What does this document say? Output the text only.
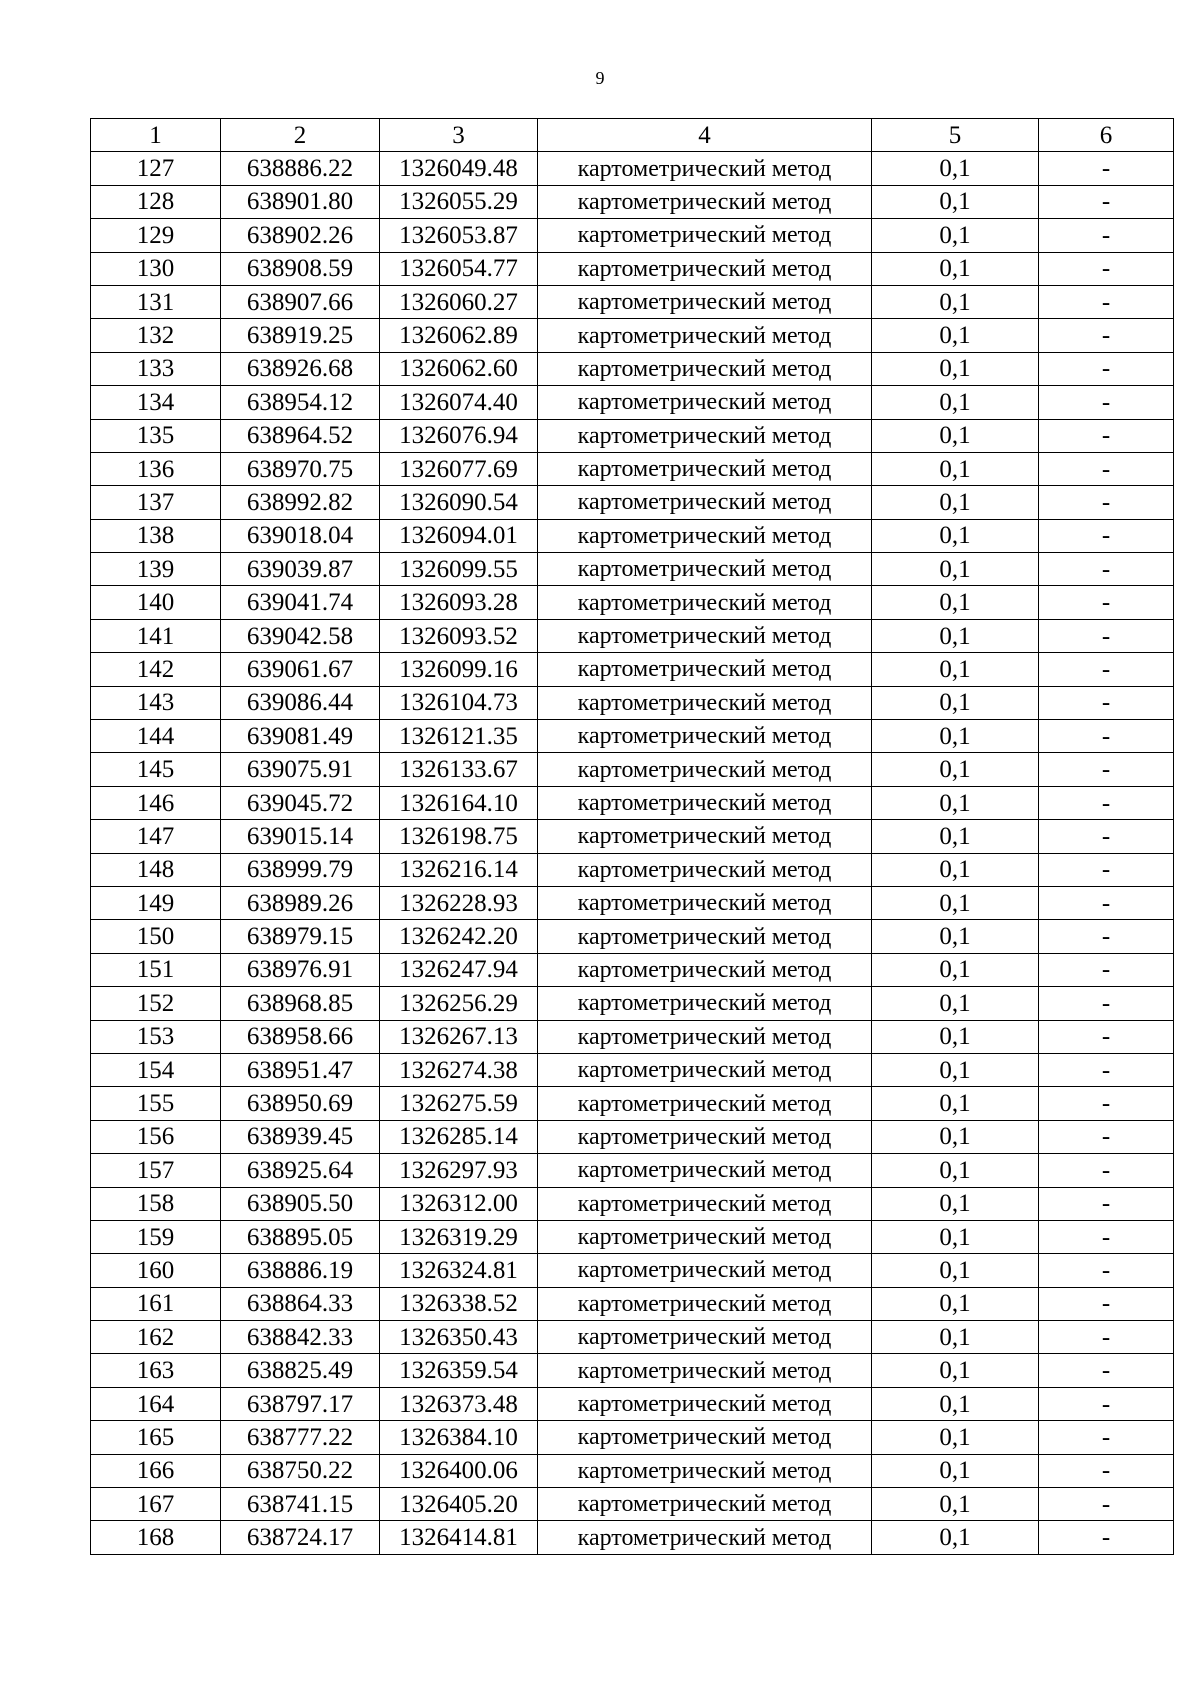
9
1	2	3	4	5	6
127	638886.22	1326049.48	картометрический метод	0,1	-
128	638901.80	1326055.29	картометрический метод	0,1	-
129	638902.26	1326053.87	картометрический метод	0,1	-
130	638908.59	1326054.77	картометрический метод	0,1	-
131	638907.66	1326060.27	картометрический метод	0,1	-
132	638919.25	1326062.89	картометрический метод	0,1	-
133	638926.68	1326062.60	картометрический метод	0,1	-
134	638954.12	1326074.40	картометрический метод	0,1	-
135	638964.52	1326076.94	картометрический метод	0,1	-
136	638970.75	1326077.69	картометрический метод	0,1	-
137	638992.82	1326090.54	картометрический метод	0,1	-
138	639018.04	1326094.01	картометрический метод	0,1	-
139	639039.87	1326099.55	картометрический метод	0,1	-
140	639041.74	1326093.28	картометрический метод	0,1	-
141	639042.58	1326093.52	картометрический метод	0,1	-
142	639061.67	1326099.16	картометрический метод	0,1	-
143	639086.44	1326104.73	картометрический метод	0,1	-
144	639081.49	1326121.35	картометрический метод	0,1	-
145	639075.91	1326133.67	картометрический метод	0,1	-
146	639045.72	1326164.10	картометрический метод	0,1	-
147	639015.14	1326198.75	картометрический метод	0,1	-
148	638999.79	1326216.14	картометрический метод	0,1	-
149	638989.26	1326228.93	картометрический метод	0,1	-
150	638979.15	1326242.20	картометрический метод	0,1	-
151	638976.91	1326247.94	картометрический метод	0,1	-
152	638968.85	1326256.29	картометрический метод	0,1	-
153	638958.66	1326267.13	картометрический метод	0,1	-
154	638951.47	1326274.38	картометрический метод	0,1	-
155	638950.69	1326275.59	картометрический метод	0,1	-
156	638939.45	1326285.14	картометрический метод	0,1	-
157	638925.64	1326297.93	картометрический метод	0,1	-
158	638905.50	1326312.00	картометрический метод	0,1	-
159	638895.05	1326319.29	картометрический метод	0,1	-
160	638886.19	1326324.81	картометрический метод	0,1	-
161	638864.33	1326338.52	картометрический метод	0,1	-
162	638842.33	1326350.43	картометрический метод	0,1	-
163	638825.49	1326359.54	картометрический метод	0,1	-
164	638797.17	1326373.48	картометрический метод	0,1	-
165	638777.22	1326384.10	картометрический метод	0,1	-
166	638750.22	1326400.06	картометрический метод	0,1	-
167	638741.15	1326405.20	картометрический метод	0,1	-
168	638724.17	1326414.81	картометрический метод	0,1	-
